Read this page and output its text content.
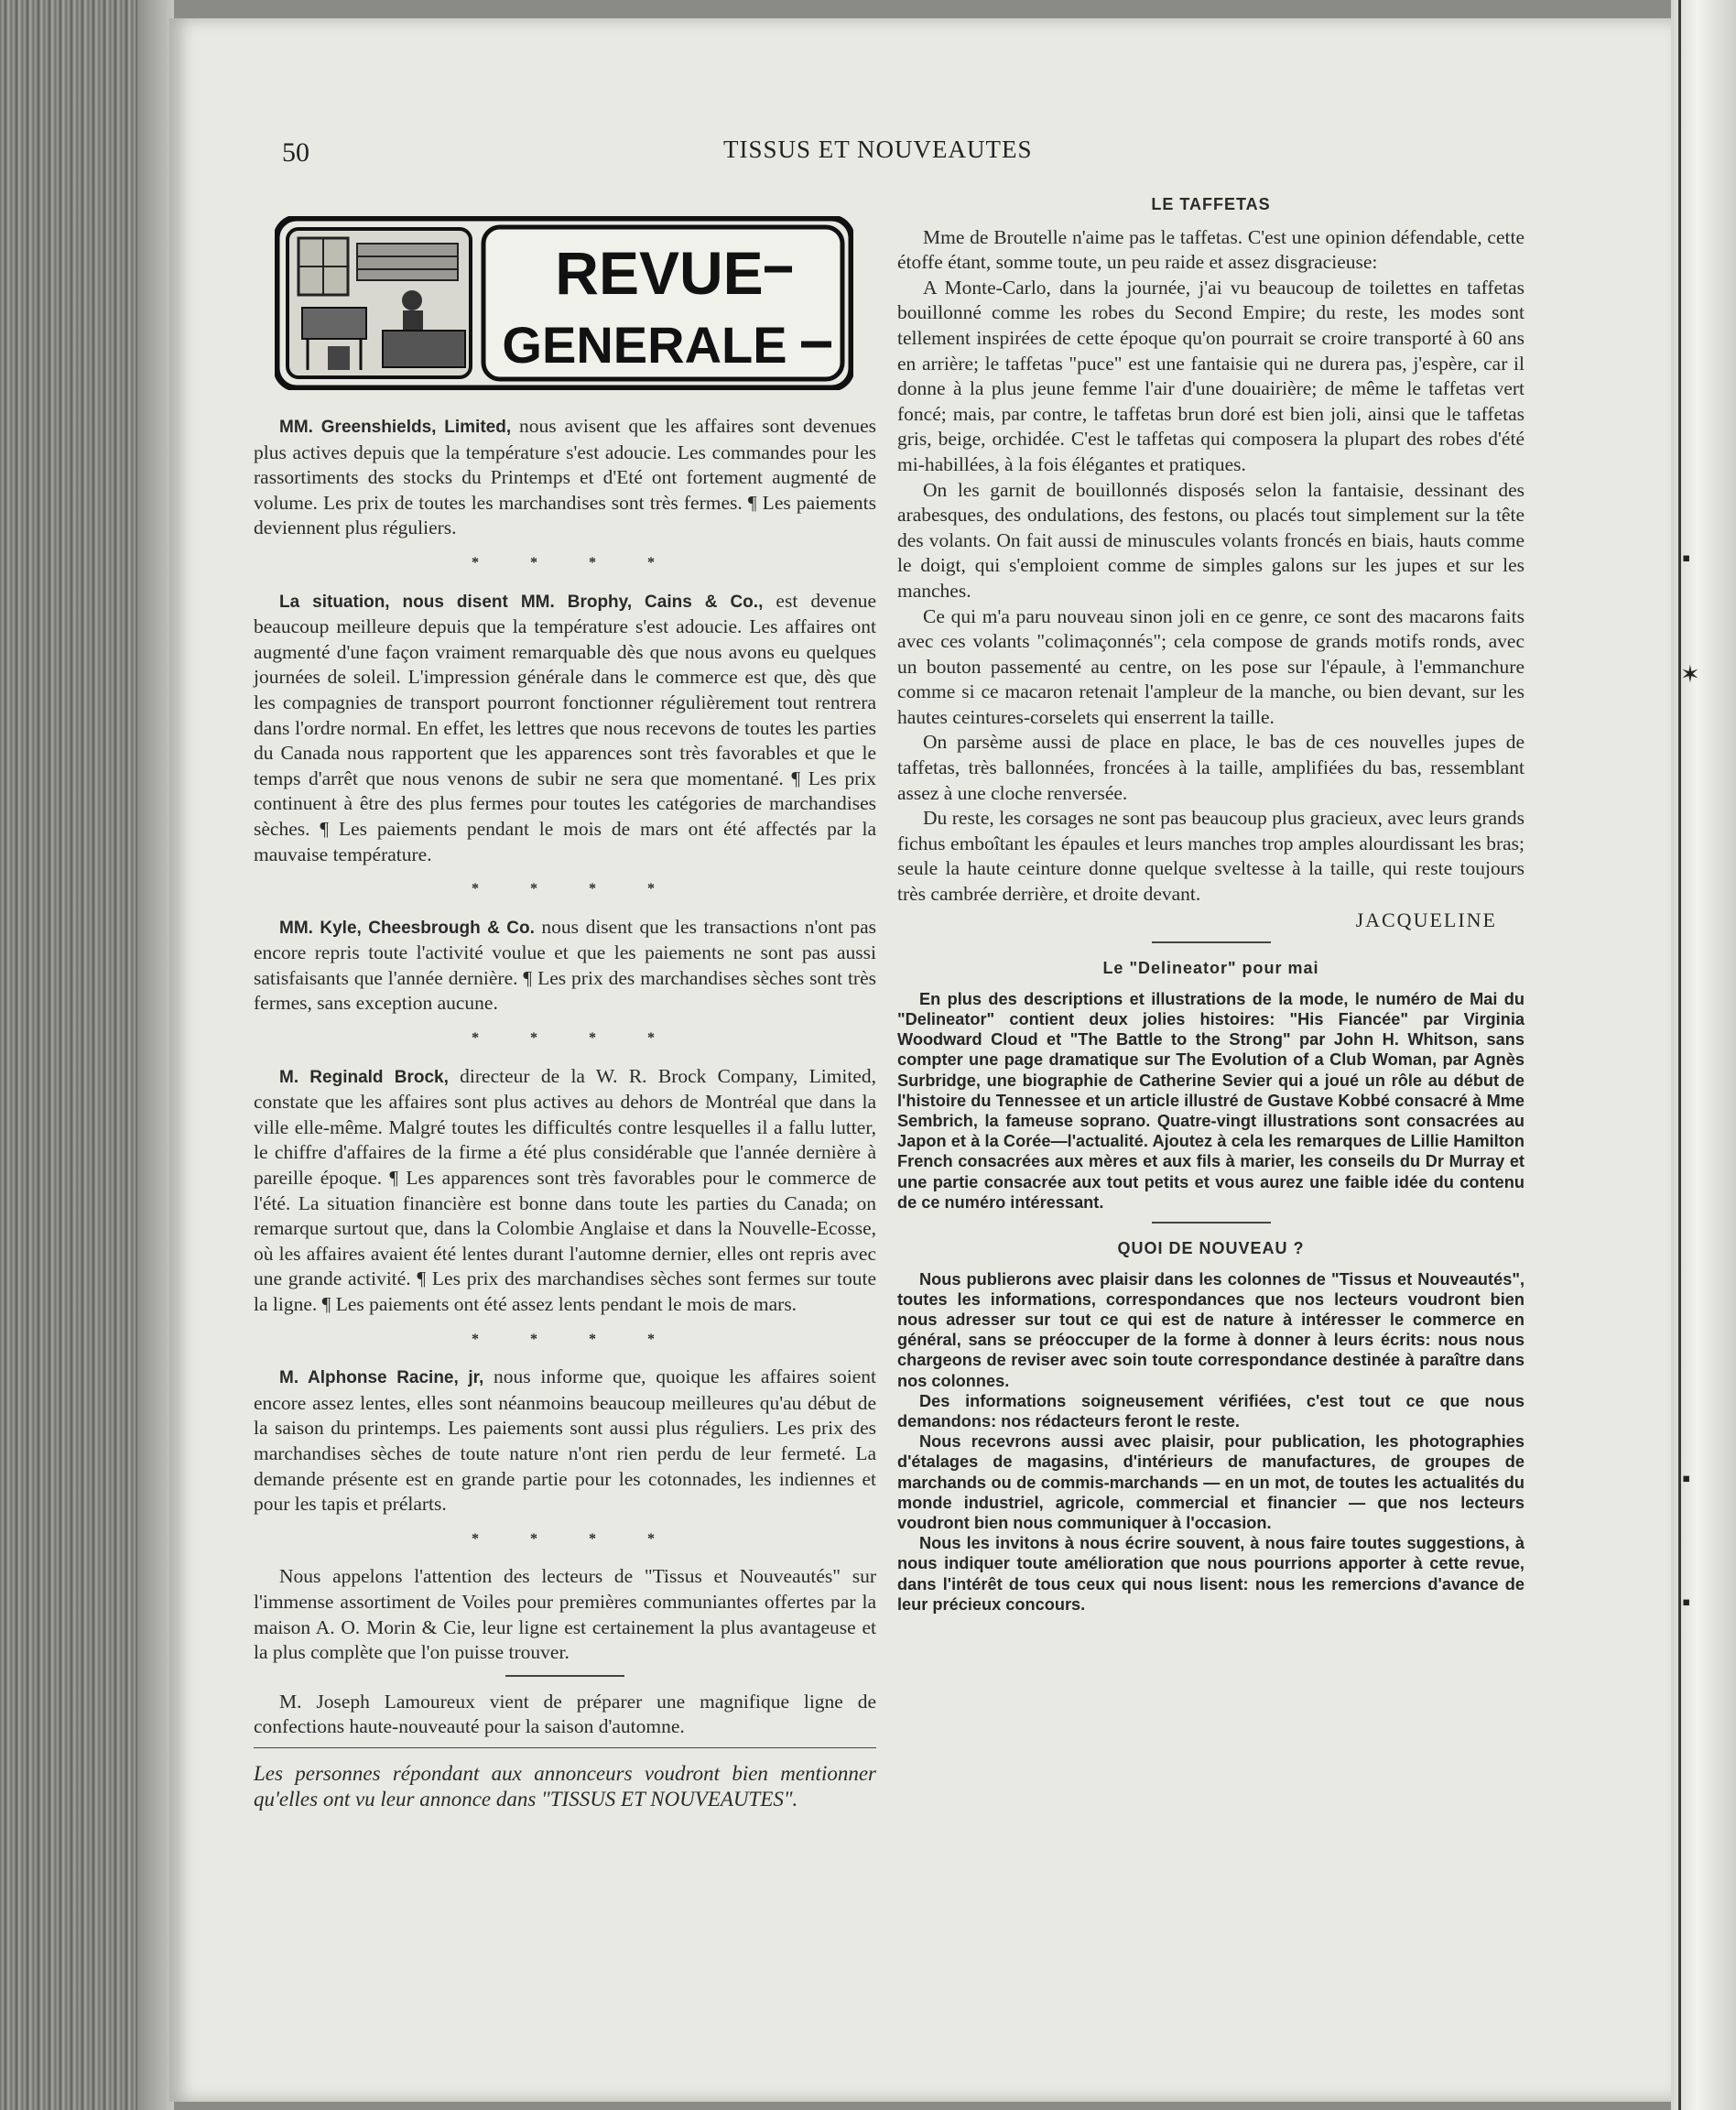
▪
✶
▪
▪
50	TISSUS ET NOUVEAUTES
REVUE
GENERALE

MM. Greenshields, Limited, nous avisent que les affaires sont devenues plus actives depuis que la température s'est adoucie. Les commandes pour les rassortiments des stocks du Printemps et d'Eté ont fortement augmenté de volume. Les prix de toutes les marchandises sont très fermes. ¶ Les paiements deviennent plus réguliers.

* * * *

La situation, nous disent MM. Brophy, Cains & Co., est devenue beaucoup meilleure depuis que la température s'est adoucie. Les affaires ont augmenté d'une façon vraiment remarquable dès que nous avons eu quelques journées de soleil. L'impression générale dans le commerce est que, dès que les compagnies de transport pourront fonctionner régulièrement tout rentrera dans l'ordre normal. En effet, les lettres que nous recevons de toutes les parties du Canada nous rapportent que les apparences sont très favorables et que le temps d'arrêt que nous venons de subir ne sera que momentané. ¶ Les prix continuent à être des plus fermes pour toutes les catégories de marchandises sèches. ¶ Les paiements pendant le mois de mars ont été affectés par la mauvaise température.

* * * *

MM. Kyle, Cheesbrough & Co. nous disent que les transactions n'ont pas encore repris toute l'activité voulue et que les paiements ne sont pas aussi satisfaisants que l'année dernière. ¶ Les prix des marchandises sèches sont très fermes, sans exception aucune.

* * * *

M. Reginald Brock, directeur de la W. R. Brock Company, Limited, constate que les affaires sont plus actives au dehors de Montréal que dans la ville elle-même. Malgré toutes les difficultés contre lesquelles il a fallu lutter, le chiffre d'affaires de la firme a été plus considérable que l'année dernière à pareille époque. ¶ Les apparences sont très favorables pour le commerce de l'été. La situation financière est bonne dans toute les parties du Canada; on remarque surtout que, dans la Colombie Anglaise et dans la Nouvelle-Ecosse, où les affaires avaient été lentes durant l'automne dernier, elles ont repris avec une grande activité. ¶ Les prix des marchandises sèches sont fermes sur toute la ligne. ¶ Les paiements ont été assez lents pendant le mois de mars.

* * * *

M. Alphonse Racine, jr, nous informe que, quoique les affaires soient encore assez lentes, elles sont néanmoins beaucoup meilleures qu'au début de la saison du printemps. Les paiements sont aussi plus réguliers. Les prix des marchandises sèches de toute nature n'ont rien perdu de leur fermeté. La demande présente est en grande partie pour les cotonnades, les indiennes et pour les tapis et prélarts.

* * * *

Nous appelons l'attention des lecteurs de "Tissus et Nouveautés" sur l'immense assortiment de Voiles pour premières communiantes offertes par la maison A. O. Morin & Cie, leur ligne est certainement la plus avantageuse et la plus complète que l'on puisse trouver.

M. Joseph Lamoureux vient de préparer une magnifique ligne de confections haute-nouveauté pour la saison d'automne.

Les personnes répondant aux annonceurs voudront bien mentionner qu'elles ont vu leur annonce dans "TISSUS ET NOUVEAUTES".
LE TAFFETAS

Mme de Broutelle n'aime pas le taffetas. C'est une opinion défendable, cette étoffe étant, somme toute, un peu raide et assez disgracieuse:

A Monte-Carlo, dans la journée, j'ai vu beaucoup de toilettes en taffetas bouillonné comme les robes du Second Empire; du reste, les modes sont tellement inspirées de cette époque qu'on pourrait se croire transporté à 60 ans en arrière; le taffetas "puce" est une fantaisie qui ne durera pas, j'espère, car il donne à la plus jeune femme l'air d'une douairière; de même le taffetas vert foncé; mais, par contre, le taffetas brun doré est bien joli, ainsi que le taffetas gris, beige, orchidée. C'est le taffetas qui composera la plupart des robes d'été mi-habillées, à la fois élégantes et pratiques.

On les garnit de bouillonnés disposés selon la fantaisie, dessinant des arabesques, des ondulations, des festons, ou placés tout simplement sur la tête des volants. On fait aussi de minuscules volants froncés en biais, hauts comme le doigt, qui s'emploient comme de simples galons sur les jupes et sur les manches.

Ce qui m'a paru nouveau sinon joli en ce genre, ce sont des macarons faits avec ces volants "colimaçonnés"; cela compose de grands motifs ronds, avec un bouton passementé au centre, on les pose sur l'épaule, à l'emmanchure comme si ce macaron retenait l'ampleur de la manche, ou bien devant, sur les hautes ceintures-corselets qui enserrent la taille.

On parsème aussi de place en place, le bas de ces nouvelles jupes de taffetas, très ballonnées, froncées à la taille, amplifiées du bas, ressemblant assez à une cloche renversée.

Du reste, les corsages ne sont pas beaucoup plus gracieux, avec leurs grands fichus emboîtant les épaules et leurs manches trop amples alourdissant les bras; seule la haute ceinture donne quelque sveltesse à la taille, qui reste toujours très cambrée derrière, et droite devant.

JACQUELINE
Le "Delineator" pour mai

En plus des descriptions et illustrations de la mode, le numéro de Mai du "Delineator" contient deux jolies histoires: "His Fiancée" par Virginia Woodward Cloud et "The Battle to the Strong" par John H. Whitson, sans compter une page dramatique sur The Evolution of a Club Woman, par Agnès Surbridge, une biographie de Catherine Sevier qui a joué un rôle au début de l'histoire du Tennessee et un article illustré de Gustave Kobbé consacré à Mme Sembrich, la fameuse soprano. Quatre-vingt illustrations sont consacrées au Japon et à la Corée—l'actualité. Ajoutez à cela les remarques de Lillie Hamilton French consacrées aux mères et aux fils à marier, les conseils du Dr Murray et une partie consacrée aux tout petits et vous aurez une faible idée du contenu de ce numéro intéressant.

QUOI DE NOUVEAU ?

Nous publierons avec plaisir dans les colonnes de "Tissus et Nouveautés", toutes les informations, correspondances que nos lecteurs voudront bien nous adresser sur tout ce qui est de nature à intéresser le commerce en général, sans se préoccuper de la forme à donner à leurs écrits: nous nous chargeons de reviser avec soin toute correspondance destinée à paraître dans nos colonnes.

Des informations soigneusement vérifiées, c'est tout ce que nous demandons: nos rédacteurs feront le reste.

Nous recevrons aussi avec plaisir, pour publication, les photographies d'étalages de magasins, d'intérieurs de manufactures, de groupes de marchands ou de commis-marchands — en un mot, de toutes les actualités du monde industriel, agricole, commercial et financier — que nos lecteurs voudront bien nous communiquer à l'occasion.

Nous les invitons à nous écrire souvent, à nous faire toutes suggestions, à nous indiquer toute amélioration que nous pourrions apporter à cette revue, dans l'intérêt de tous ceux qui nous lisent: nous les remercions d'avance de leur précieux concours.
